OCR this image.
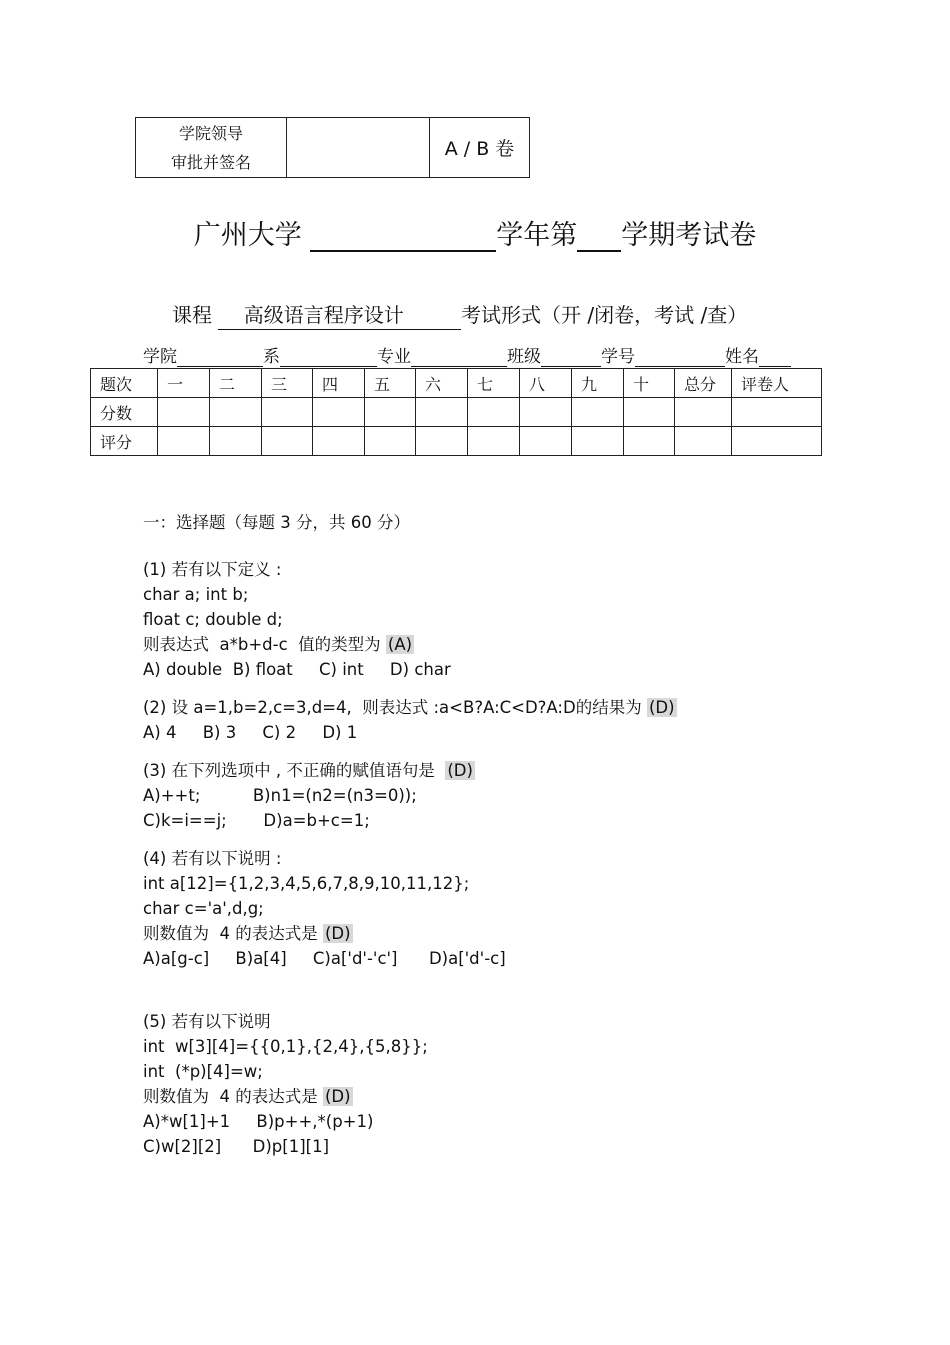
学院领导
审批并签名
		A / B 卷
广州大学	学年第 学期考试卷
课程 高级语言程序设计	考试形式（开 /闭卷，考试 /查）
学院	系	专业	班级	学号	姓名
题次	一	二	三	四	五	六	七	八	九	十	总分	评卷人
分数												
评分												
一：选择题（每题 3 分，共 60 分）
(1) 若有以下定义 :
char a; int b;
float c; double d;
则表达式  a*b+d-c  值的类型为 (A)
A) double  B) float     C) int     D) char
(2) 设 a=1,b=2,c=3,d=4,  则表达式 :a<B?A:C<D?A:D的结果为 (D)
A) 4     B) 3     C) 2     D) 1
(3) 在下列选项中 , 不正确的赋值语句是  (D)
A)++t;          B)n1=(n2=(n3=0));
C)k=i==j;       D)a=b+c=1;
(4) 若有以下说明 :
int a[12]={1,2,3,4,5,6,7,8,9,10,11,12};
char c='a',d,g;
则数值为  4 的表达式是 (D)
A)a[g-c]     B)a[4]     C)a['d'-'c']      D)a['d'-c]
(5) 若有以下说明
int  w[3][4]={{0,1},{2,4},{5,8}};
int  (*p)[4]=w;
则数值为  4 的表达式是 (D)
A)*w[1]+1     B)p++,*(p+1)
C)w[2][2]      D)p[1][1]
